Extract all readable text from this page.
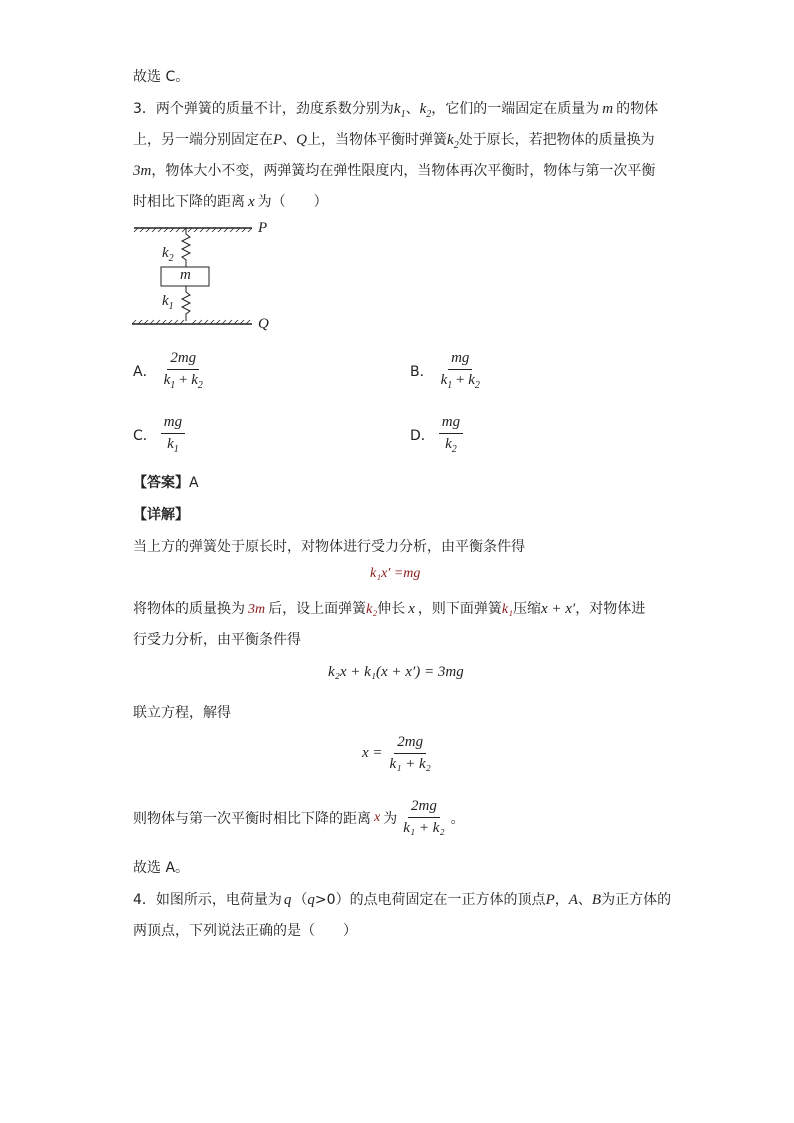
故选 C。
3．两个弹簧的质量不计，劲度系数分别为$k_1$、$k_2$，它们的一端固定在质量为 m 的物体
上，另一端分别固定在P、Q上，当物体平衡时弹簧$k_2$处于原长，若把物体的质量换为
3m，物体大小不变，两弹簧均在弹性限度内，当物体再次平衡时，物体与第一次平衡
时相比下降的距离 x 为（　　）
P
Q
$k_2$
$k_1$
m
A． $\frac{2mg}{k_1 + k_2}$	B． $\frac{mg}{k_1 + k_2}$
C． $\frac{mg}{k_1}$	D． $\frac{mg}{k_2}$
【答案】A
【详解】
当上方的弹簧处于原长时，对物体进行受力分析，由平衡条件得
k₁x′ =mg
将物体的质量换为 3m 后，设上面弹簧k₂伸长 x ，则下面弹簧k₁压缩x + x′，对物体进
行受力分析，由平衡条件得
k₂x + k₁(x + x′) = 3mg
联立方程，解得
$x = \frac{2mg}{\text{k₁ + k₂}}$
则物体与第一次平衡时相比下降的距离 x 为 $\frac{2mg}{\text{k₁ + k₂}}$ 。
故选 A。
4．如图所示，电荷量为 q （q>0）的点电荷固定在一正方体的顶点P，A、B为正方体的
两顶点，下列说法正确的是（　　）
